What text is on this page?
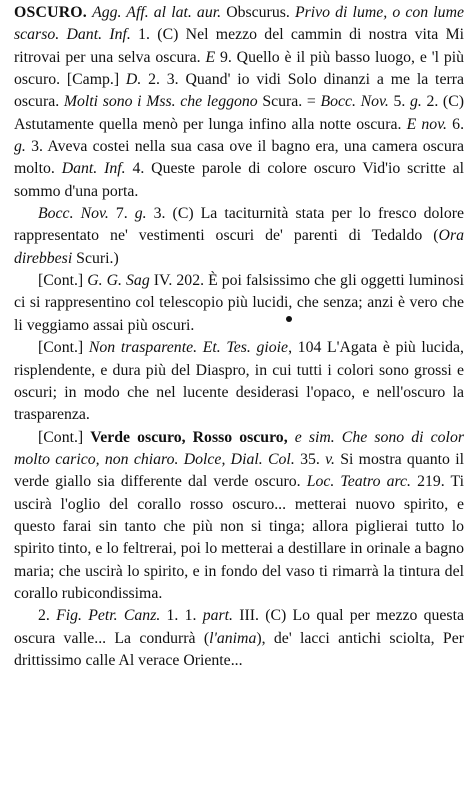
OSCURO. Agg. Aff. al lat. aur. Obscurus. Privo di lume, o con lume scarso. Dant. Inf. 1. (C) Nel mezzo del cammin di nostra vita Mi ritrovai per una selva oscura. E 9. Quello è il più basso luogo, e 'l più oscuro. [Camp.] D. 2. 3. Quand' io vidi Solo dinanzi a me la terra oscura. Molti sono i Mss. che leggono Scura. = Bocc. Nov. 5. g. 2. (C) Astutamente quella menò per lunga infino alla notte oscura. E nov. 6. g. 3. Aveva costei nella sua casa ove il bagno era, una camera oscura molto. Dant. Inf. 4. Queste parole di colore oscuro Vid'io scritte al sommo d'una porta.

Bocc. Nov. 7. g. 3. (C) La taciturnità stata per lo fresco dolore rappresentato ne' vestimenti oscuri de' parenti di Tedaldo (Ora direbbesi Scuri.)

[Cont.] G. G. Sag IV. 202. È poi falsissimo che gli oggetti luminosi ci si rappresentino col telescopio più lucidi, che senza; anzi è vero che li veggiamo assai più oscuri.

[Cont.] Non trasparente. Et. Tes. gioie, 104 L'Agata è più lucida, risplendente, e dura più del Diaspro, in cui tutti i colori sono grossi e oscuri; in modo che nel lucente desiderasi l'opaco, e nell'oscuro la trasparenza.

[Cont.] Verde oscuro, Rosso oscuro, e sim. Che sono di color molto carico, non chiaro. Dolce, Dial. Col. 35. v. Si mostra quanto il verde giallo sia differente dal verde oscuro. Loc. Teatro arc. 219. Ti uscirà l'oglio del corallo rosso oscuro... metterai nuovo spirito, e questo farai sin tanto che più non si tinga; allora piglierai tutto lo spirito tinto, e lo feltrerai, poi lo metterai a destillare in orinale a bagno maria; che uscirà lo spirito, e in fondo del vaso ti rimarrà la tintura del corallo rubicondissima.

2. Fig. Petr. Canz. 1. 1. part. III. (C) Lo qual per mezzo questa oscura valle... La condurrà (l'anima), de' lacci antichi sciolta, Per drittissimo calle Al verace Oriente...
